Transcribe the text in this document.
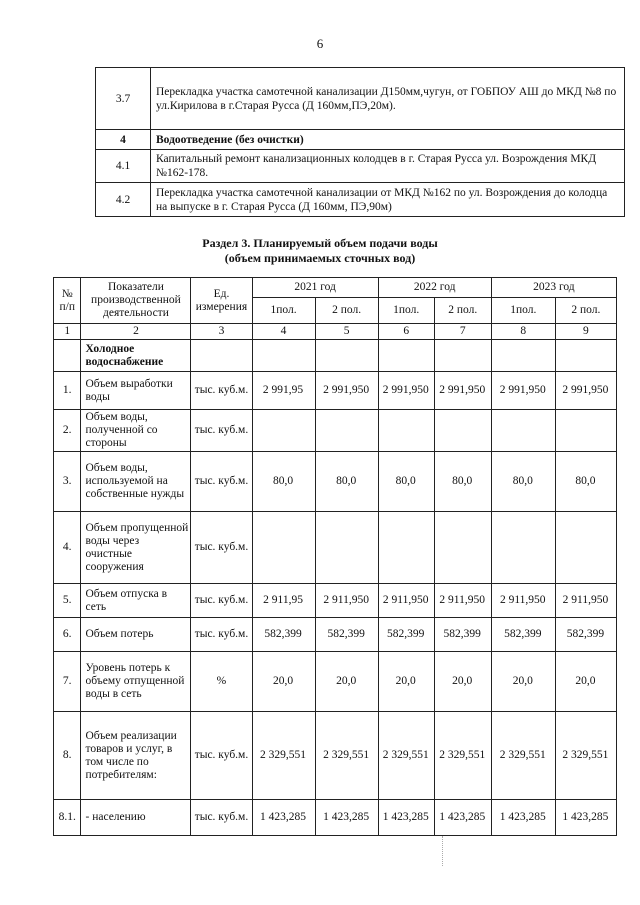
6
3.7	Перекладка участка самотечной канализации Д150мм,чугун, от ГОБПОУ АШ до МКД №8 по ул.Кирилова в г.Старая Русса (Д 160мм,ПЭ,20м).
4	Водоотведение (без очистки)
4.1	Капитальный ремонт канализационных колодцев в г. Старая Русса ул. Возрождения МКД №162-178.
4.2	Перекладка участка самотечной канализации от МКД №162 по ул. Возрождения до колодца на выпуске в г. Старая Русса (Д 160мм, ПЭ,90м)
Раздел 3. Планируемый объем подачи воды
(объем принимаемых сточных вод)
№ п/п	Показатели производственной деятельности	Ед. измерения	2021 год		2022 год		2023 год	
			1пол.	2 пол.	1пол.	2 пол.	1пол.	2 пол.
1	2	3	4	5	6	7	8	9
	Холодное водоснабжение							
1.	Объем выработки воды	тыс. куб.м.	2 991,95	2 991,950	2 991,950	2 991,950	2 991,950	2 991,950
2.	Объем воды, полученной со стороны	тыс. куб.м.						
3.	Объем воды, используемой на собственные нужды	тыс. куб.м.	80,0	80,0	80,0	80,0	80,0	80,0
4.	Объем пропущенной воды через очистные сооружения	тыс. куб.м.						
5.	Объем отпуска в сеть	тыс. куб.м.	2 911,95	2 911,950	2 911,950	2 911,950	2 911,950	2 911,950
6.	Объем потерь	тыс. куб.м.	582,399	582,399	582,399	582,399	582,399	582,399
7.	Уровень потерь к объему отпущенной воды в сеть	%	20,0	20,0	20,0	20,0	20,0	20,0
8.	Объем реализации товаров и услуг, в том числе по потребителям:	тыс. куб.м.	2 329,551	2 329,551	2 329,551	2 329,551	2 329,551	2 329,551
8.1.	- населению	тыс. куб.м.	1 423,285	1 423,285	1 423,285	1 423,285	1 423,285	1 423,285
